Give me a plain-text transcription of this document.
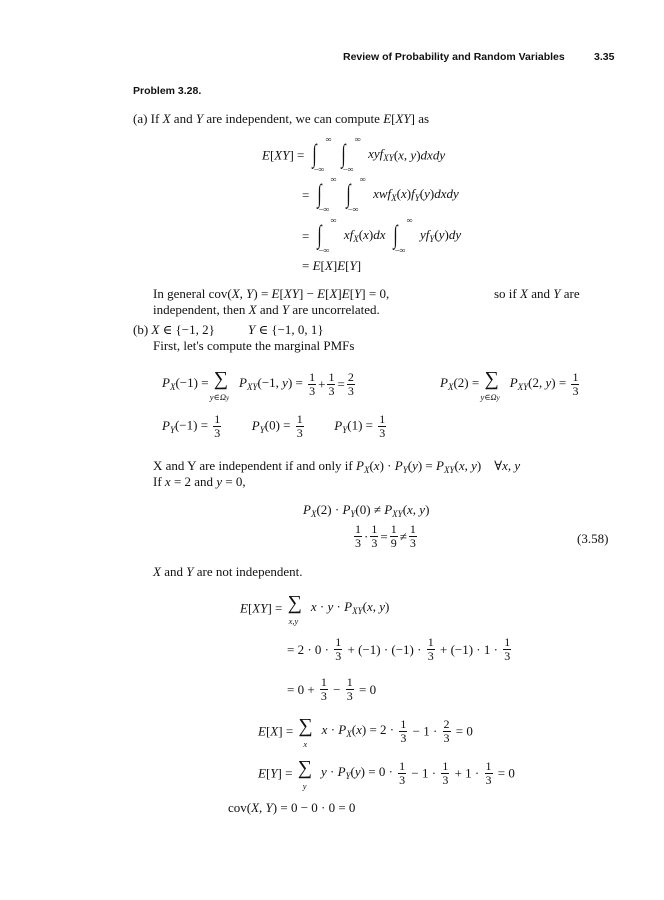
Review of Probability and Random Variables	3.35
Problem 3.28.
(a) If X and Y are independent, we can compute E[XY] as
E[XY] = ∫ ∞
−∞

∫ ∞
−∞
xyf$_{XY}$(x, y)dxdy
= ∫ ∞
−∞

∫ ∞
−∞
$xwf_X(x)f_Y(y)dxdy$
= ∫ ∞
−∞
$xf_X(x)dx$ ∫ ∞
−∞
$yf_Y(y)dy$
= E[X]E[Y]
In general cov(X, Y) = E[XY] − E[X]E[Y] = 0,	so if X and Y are
independent, then X and Y are uncorrelated.
(b) X ∈ {−1, 2}	Y ∈ {−1, 0, 1}
First, let's compute the marginal PMFs
$P_X(-1)$ = ∑
y∈Ωy
$P_{XY}(-1$, $y) = \frac{1}{3} + \frac{1}{3} = \frac{2}{3}$	$P_X(2)$ = ∑
y∈Ωy
$P_{XY}(2$, $y) = \frac{1}{3}$
$P_Y(-1) = \frac{1}{3} P_Y(0) = \frac{1}{3} P_Y(1) = \frac{1}{3}$
X and Y are independent if and only if $P_X(x) \cdot P_Y(y) = P_{XY}(x$, y)    ∀x, y
If x = 2 and y = 0,
$P_X(2) \cdot P_Y(0) \ne P_{XY}(x$, y)
$\frac{1}{3} \cdot \frac{1}{3} = \frac{1}{9} \ne \frac{1}{3}$	(3.58)
X and Y are not independent.
E[XY] = ∑
x,y
$x \cdot y \cdot P_{XY}(x$, y)
= $2 \cdot 0 \cdot \frac{1}{3} + (-1) \cdot (-1) \cdot \frac{1}{3} + (-1) \cdot 1 \cdot \frac{1}{3}$
= $0 + \frac{1}{3} - \frac{1}{3} = 0$
E[X] = ∑
x
$x \cdot P_X(x) = 2 \cdot \frac{1}{3} - 1 \cdot \frac{2}{3} = 0$
E[Y] = ∑
y
$y \cdot P_Y(y) = 0 \cdot \frac{1}{3} - 1 \cdot \frac{1}{3} + 1 \cdot \frac{1}{3} = 0$
cov(X, Y) = 0 − 0 · 0 = 0
